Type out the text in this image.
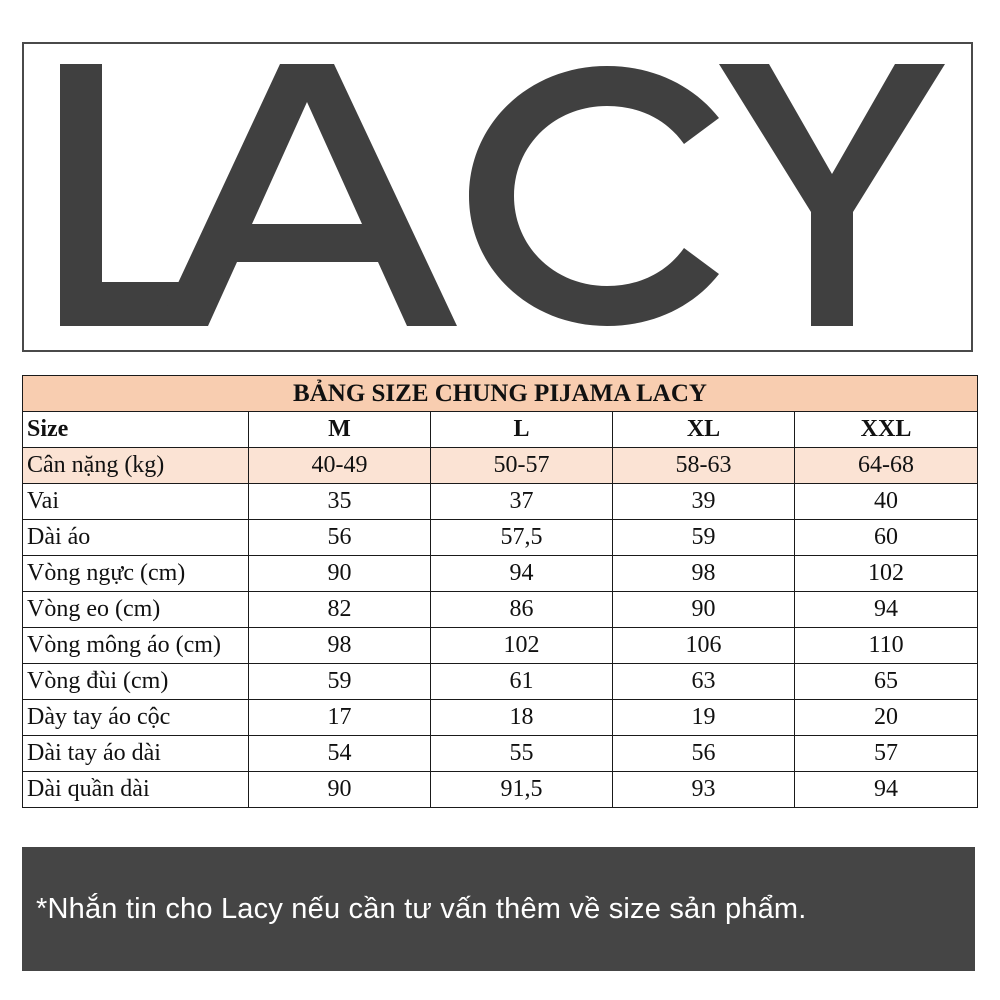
BẢNG SIZE CHUNG PIJAMA LACY				
Size	M	L	XL	XXL
Cân nặng (kg)	40-49	50-57	58-63	64-68
Vai	35	37	39	40
Dài áo	56	57,5	59	60
Vòng ngực (cm)	90	94	98	102
Vòng eo (cm)	82	86	90	94
Vòng mông áo (cm)	98	102	106	110
Vòng đùi (cm)	59	61	63	65
Dày tay áo cộc	17	18	19	20
Dài tay áo dài	54	55	56	57
Dài quần dài	90	91,5	93	94
*Nhắn tin cho Lacy nếu cần tư vấn thêm về size sản phẩm.
